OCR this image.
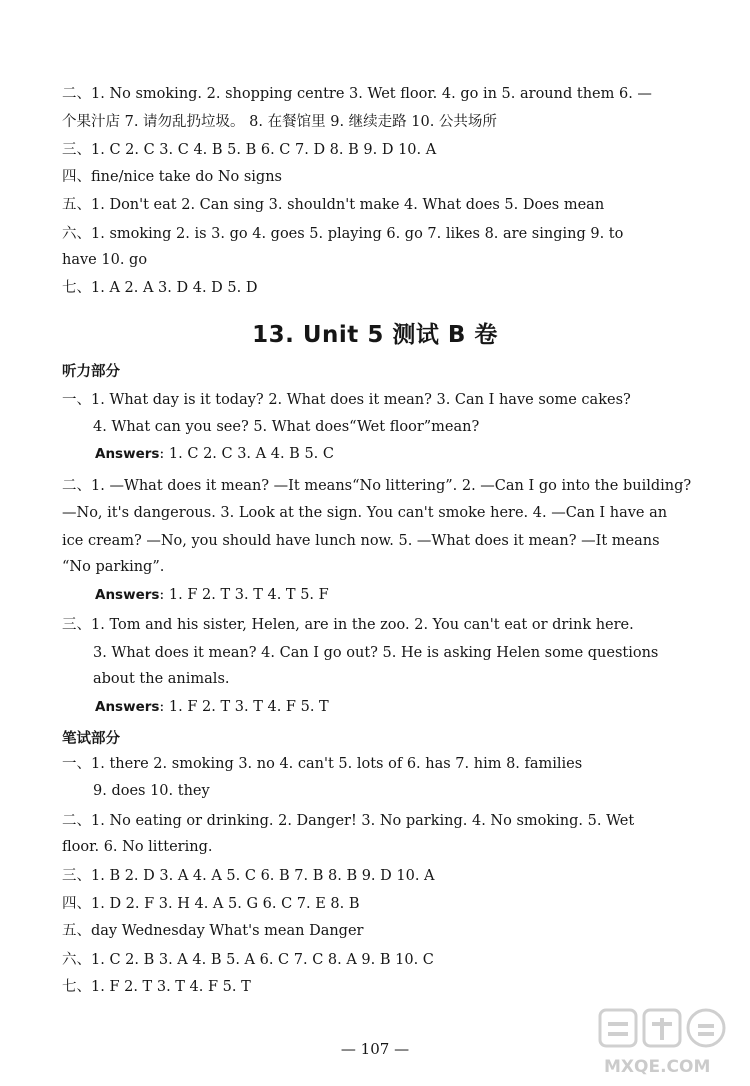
二、1. No smoking. 2. shopping centre 3. Wet floor. 4. go in 5. around them 6. —
个果汁店 7. 请勿乱扔垃圾。 8. 在餐馆里 9. 继续走路 10. 公共场所
三、1. C 2. C 3. C 4. B 5. B 6. C 7. D 8. B 9. D 10. A
四、fine/nice take do No signs
五、1. Don't eat 2. Can sing 3. shouldn't make 4. What does 5. Does mean
六、1. smoking 2. is 3. go 4. goes 5. playing 6. go 7. likes 8. are singing 9. to
have 10. go
七、1. A 2. A 3. D 4. D 5. D
13. Unit 5 测试 B 卷
听力部分
一、1. What day is it today? 2. What does it mean? 3. Can I have some cakes?
4. What can you see? 5. What does“Wet floor”mean?
Answers: 1. C 2. C 3. A 4. B 5. C
二、1. —What does it mean? —It means“No littering”. 2. —Can I go into the building?
—No, it's dangerous. 3. Look at the sign. You can't smoke here. 4. —Can I have an
ice cream? —No, you should have lunch now. 5. —What does it mean? —It means
“No parking”.
Answers: 1. F 2. T 3. T 4. T 5. F
三、1. Tom and his sister, Helen, are in the zoo. 2. You can't eat or drink here.
3. What does it mean? 4. Can I go out? 5. He is asking Helen some questions
about the animals.
Answers: 1. F 2. T 3. T 4. F 5. T
笔试部分
一、1. there 2. smoking 3. no 4. can't 5. lots of 6. has 7. him 8. families
9. does 10. they
二、1. No eating or drinking. 2. Danger! 3. No parking. 4. No smoking. 5. Wet
floor. 6. No littering.
三、1. B 2. D 3. A 4. A 5. C 6. B 7. B 8. B 9. D 10. A
四、1. D 2. F 3. H 4. A 5. G 6. C 7. E 8. B
五、day Wednesday What's mean Danger
六、1. C 2. B 3. A 4. B 5. A 6. C 7. C 8. A 9. B 10. C
七、1. F 2. T 3. T 4. F 5. T
— 107 —
MXQE.COM
